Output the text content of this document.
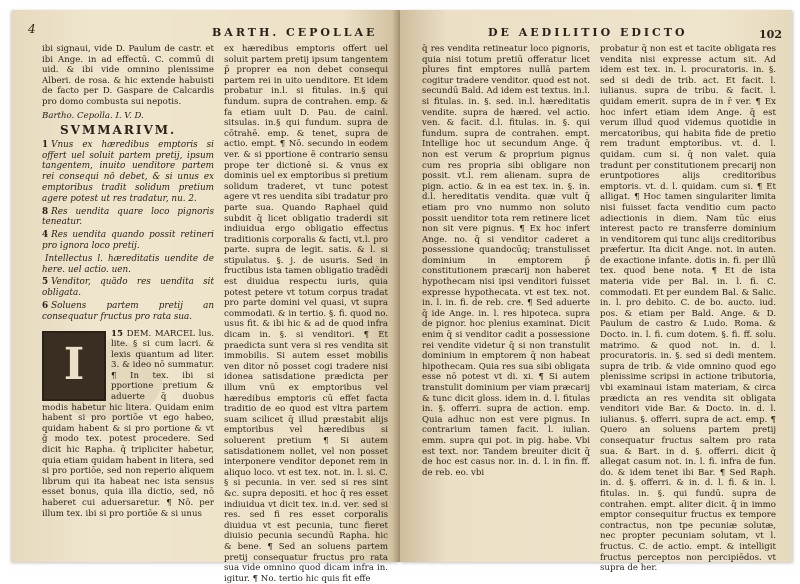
4	BARTH. CEPOLLAE

ibi signaui, vide D. Paulum de castr. et ibi Ange. in ad effectū. C. commū di uid. & ibi vide omnino plenissime Alberi. de rosa. & hic extende habuisti de facto per D. Gaspare de Calcardis pro domo combusta sui nepotis.

Bartho. Cepolla. I. V. D.

SVMMARIVM.

1 Vnus ex hæredibus emptoris si offert uel soluit partem pretij, ipsum tangentem, inuito uenditore partem rei consequi nō debet, & si unus ex emptoribus tradit solidum pretium agere potest ut res tradatur, nu. 2.

8 Res uendita quare loco pignoris teneatur.

4 Res uendita quando possit retineri pro ignora loco pretij.

Intellectus l. hæreditatis uendite de here. uel actio. uen.

5 Venditor, quādo res uendita sit obligata.

6 Soluens partem pretij an consequatur fructus pro rata sua.

15
I
DEM. MARCEL lus. lite. § si cum lacri. & lexis quantum ad liter. 3. & ideo nō summatur. ¶ In tex. ibi si pportione pretium & aduerte q̄ duobus modis habetur hic litera. Quidam enim habent si pro portiōe vt ego habeo, quidam habent & si pro portione & vt ḡ modo tex. potest procedere. Sed dicit hic Rapha. q̄ tripliciter habetur, quia etiam quidam habent in litera, sed si pro portiōe, sed non reperio aliquem librum qui ita habeat nec ista sensus esset bonus, quia illa dictio, sed, nō haberet cui aduersaretur. ¶ Nō. per illum tex. ibi si pro portiōe & si unus

ex hæredibus emptoris offert uel soluit partem pretij ipsum tangentem p̄ proprer ea non debet consequi partem rei in uito uenditore. Et idem probatur in.l. si fitulas. in.§ qui fundum. supra de contrahen. emp. & fa etiam uult D. Pau. de cainl. sitsulas. in.§ qui fundum. supra de cōtrahē. emp. & tenet, supra de actio. empt. ¶ Nō. secundo in eodem ver. & si pportione ē contrario sensu prope ter dictionē si. & vnus ex dominis uel ex emptoribus si pretium solidum traderet, vt tunc potest agere vt res uendita sibi tradatur pro parte sua. Quando Raphael quid subdit q̄ licet obligatio traderdi sit indiuidua ergo obligatio effectus traditionis corporalis & facti, vt.l. pro parte. supra de legit. satis. & l. si stipulatus. §. j. de usuris. Sed in fructibus ista tamen obligatio tradēdi est diuidua respectu iuris, quia potest petere vt totum corpus tradat pro parte domini vel quasi, vt supra commodati. & in tertio. §. fi. quod no. usus fit. & ibi hic & ad de quod infra dicam in. §. si venditori. ¶ Et praedicta sunt vera si res vendita sit immobilis. Si autem esset mobilis ven ditor nō posset cogi tradere nisi idonea satisdatione prædicta per illum vnū ex emptoribus vel hæredibus emptoris cū effet facta traditio de eo quod est vltra partem suam scilicet q̄ illud præstabit alijs emptoribus vel hæredibus si soluerent pretium ¶ Si autem satisdationem nollet, vel non posset interponere venditor deponet rem in aliquo loco. vt est tex. not. in. l. si. C. § si pecunia. in ver. sed si res sint &c. supra depositi. et hoc q̄ res esset indiuidua vt dicit tex. in.d. ver. sed si res. sed fi res esset corporalis diuidua vt est pecunia, tunc fieret diuisio pecunia secundū Rapha. hic & bene. ¶ Sed an soluens partem pretij consequatur fructus pro rata sua vide omnino quod dicam infra in. igitur. ¶ No. tertio hic quis fit effe

DE AEDILITIO EDICTO	102

q̄ res vendita retineatur loco pignoris, quia nisi totum pretiū offeratur licet plures fint emptores nullā partem cogitur tradere venditor. quod est not. secundū Bald. Ad idem est textus. in.l. si fitulas. in. §. sed. in.l. hæreditatis vendite. supra de hæred. vel actio. ven. & facit. d.l. fitulas. in. §. qui fundum. supra de contrahen. empt. Intellige hoc ut secundum Ange. q̄ non est verum & proprium pignus cum res propria sibi obligare non possit. vt.l. rem alienam. supra de pign. actio. & in ea est tex. in. §. in. d.l. hereditatis vendita. quæ vult q̄ etiam pro vno nummo non soluto possit uenditor tota rem retinere licet non sit vere pignus. ¶ Ex hoc infert Ange. no. q̄ si venditor caderet a possessione quandocūq; transtulisset dominium in emptorem p̄ constitutionem præcarij non haberet hypothecam nisi ipsi venditori fuisset expresse hypothecata. vt est tex. not. in. l. in. fi. de reb. cre. ¶ Sed aduerte q̄ ide Ange. in. l. res hipoteca. supra de pignor. hoc plenius examinat. Dicit enim q̄ si venditor cadit a possessione rei vendite videtur q̄ si non transtulit dominium in emptorem q̄ non habeat hipothecam. Quia res sua sibi obligata esse nō potest vt di. xi. ¶ Si autem transtulit dominium per viam præcarij & tunc dicit gloss. idem in. d. l. fitulas in. §. offerri. supra de action. emp. Quia adhuc non est vere pignus. In contrarium tamen facit. l. iulian. emm. supra qui pot. in pig. habe. Vbi est text. nor. Tandem breuiter dicit q̄ de hoc est casus nor. in. d. l. in fin. ff. de reb. eo. vbi

probatur q̄ non est et tacite obligata res vendita nisi expresse actum sit. Ad idem est tex. in. l. procuratoris. in. §. sed si dedi de trib. act. Et facit. l. iulianus. supra de tribu. & facit. l. quidam emerit. supra de in r̄ ver. ¶ Ex hoc infert etiam idem Ange. q̄ est verum illud quod videmus quotidie in mercatoribus, qui habita fide de pretio rem tradunt emptoribus. vt. d. l. quidam. cum si. q̄ non valet. quia tradunt per constitutionem precarij non eruntpotiores alijs creditoribus emptoris. vt. d. l. quidam. cum si. ¶ Et alligat. ¶ Hoc tamen singulariter limita nisi fuisset facta venditio cum pacto adiectionis in diem. Nam tūc eius interest pacto re transferre dominium in venditorem qui tunc alijs creditoribus præfertur. Ita dicit Ange. not. in auten. de exactione infante. dotis in. fi. per illū tex. quod bene nota. ¶ Et de ista materia vide per Bal. in. l. fi. C. commodati. Et per eundem Bal. & Salic. in. l. pro debito. C. de bo. aucto. iud. pos. & etiam per Bald. Ange. & D. Paulum de castro & Ludo. Roma. & Docto. in. l. fi. cum dotem. §. fi. ff. solu. matrimo. & quod not. in. d. l. procuratoris. in. §. sed si dedi mentem. supra de trib. & vide omnino quod ego plenissime scripsi in actione tributoria, vbi examinaui istam materiam, & circa prædicta an res vendita sit obligata venditori vide Bar. & Docto. in. d. l. iulianus. §. offerri. supra de act. emp. ¶ Quero an soluens partem pretij consequatur fructus saltem pro rata sua. & Bart. in d. §. offerri. dicit q̄ allegat casum not. in. l. fi. infra de fun. do. & idem tenet ibi Bar. ¶ Sed Raph. in. d. §. offerri. & in. d. l. fi. & in. l. fitulas. in. §. qui fundū. supra de contrahen. empt. aliter dicit. q̄ in immo emptor consequitur fructus ex tempore contractus, non tpe pecuniæ solutæ, nec propter pecuniam solutam, vt l. fructus. C. de actio. empt. & intelligit fructus perceptos non percipiēdos. vt supra de her.
